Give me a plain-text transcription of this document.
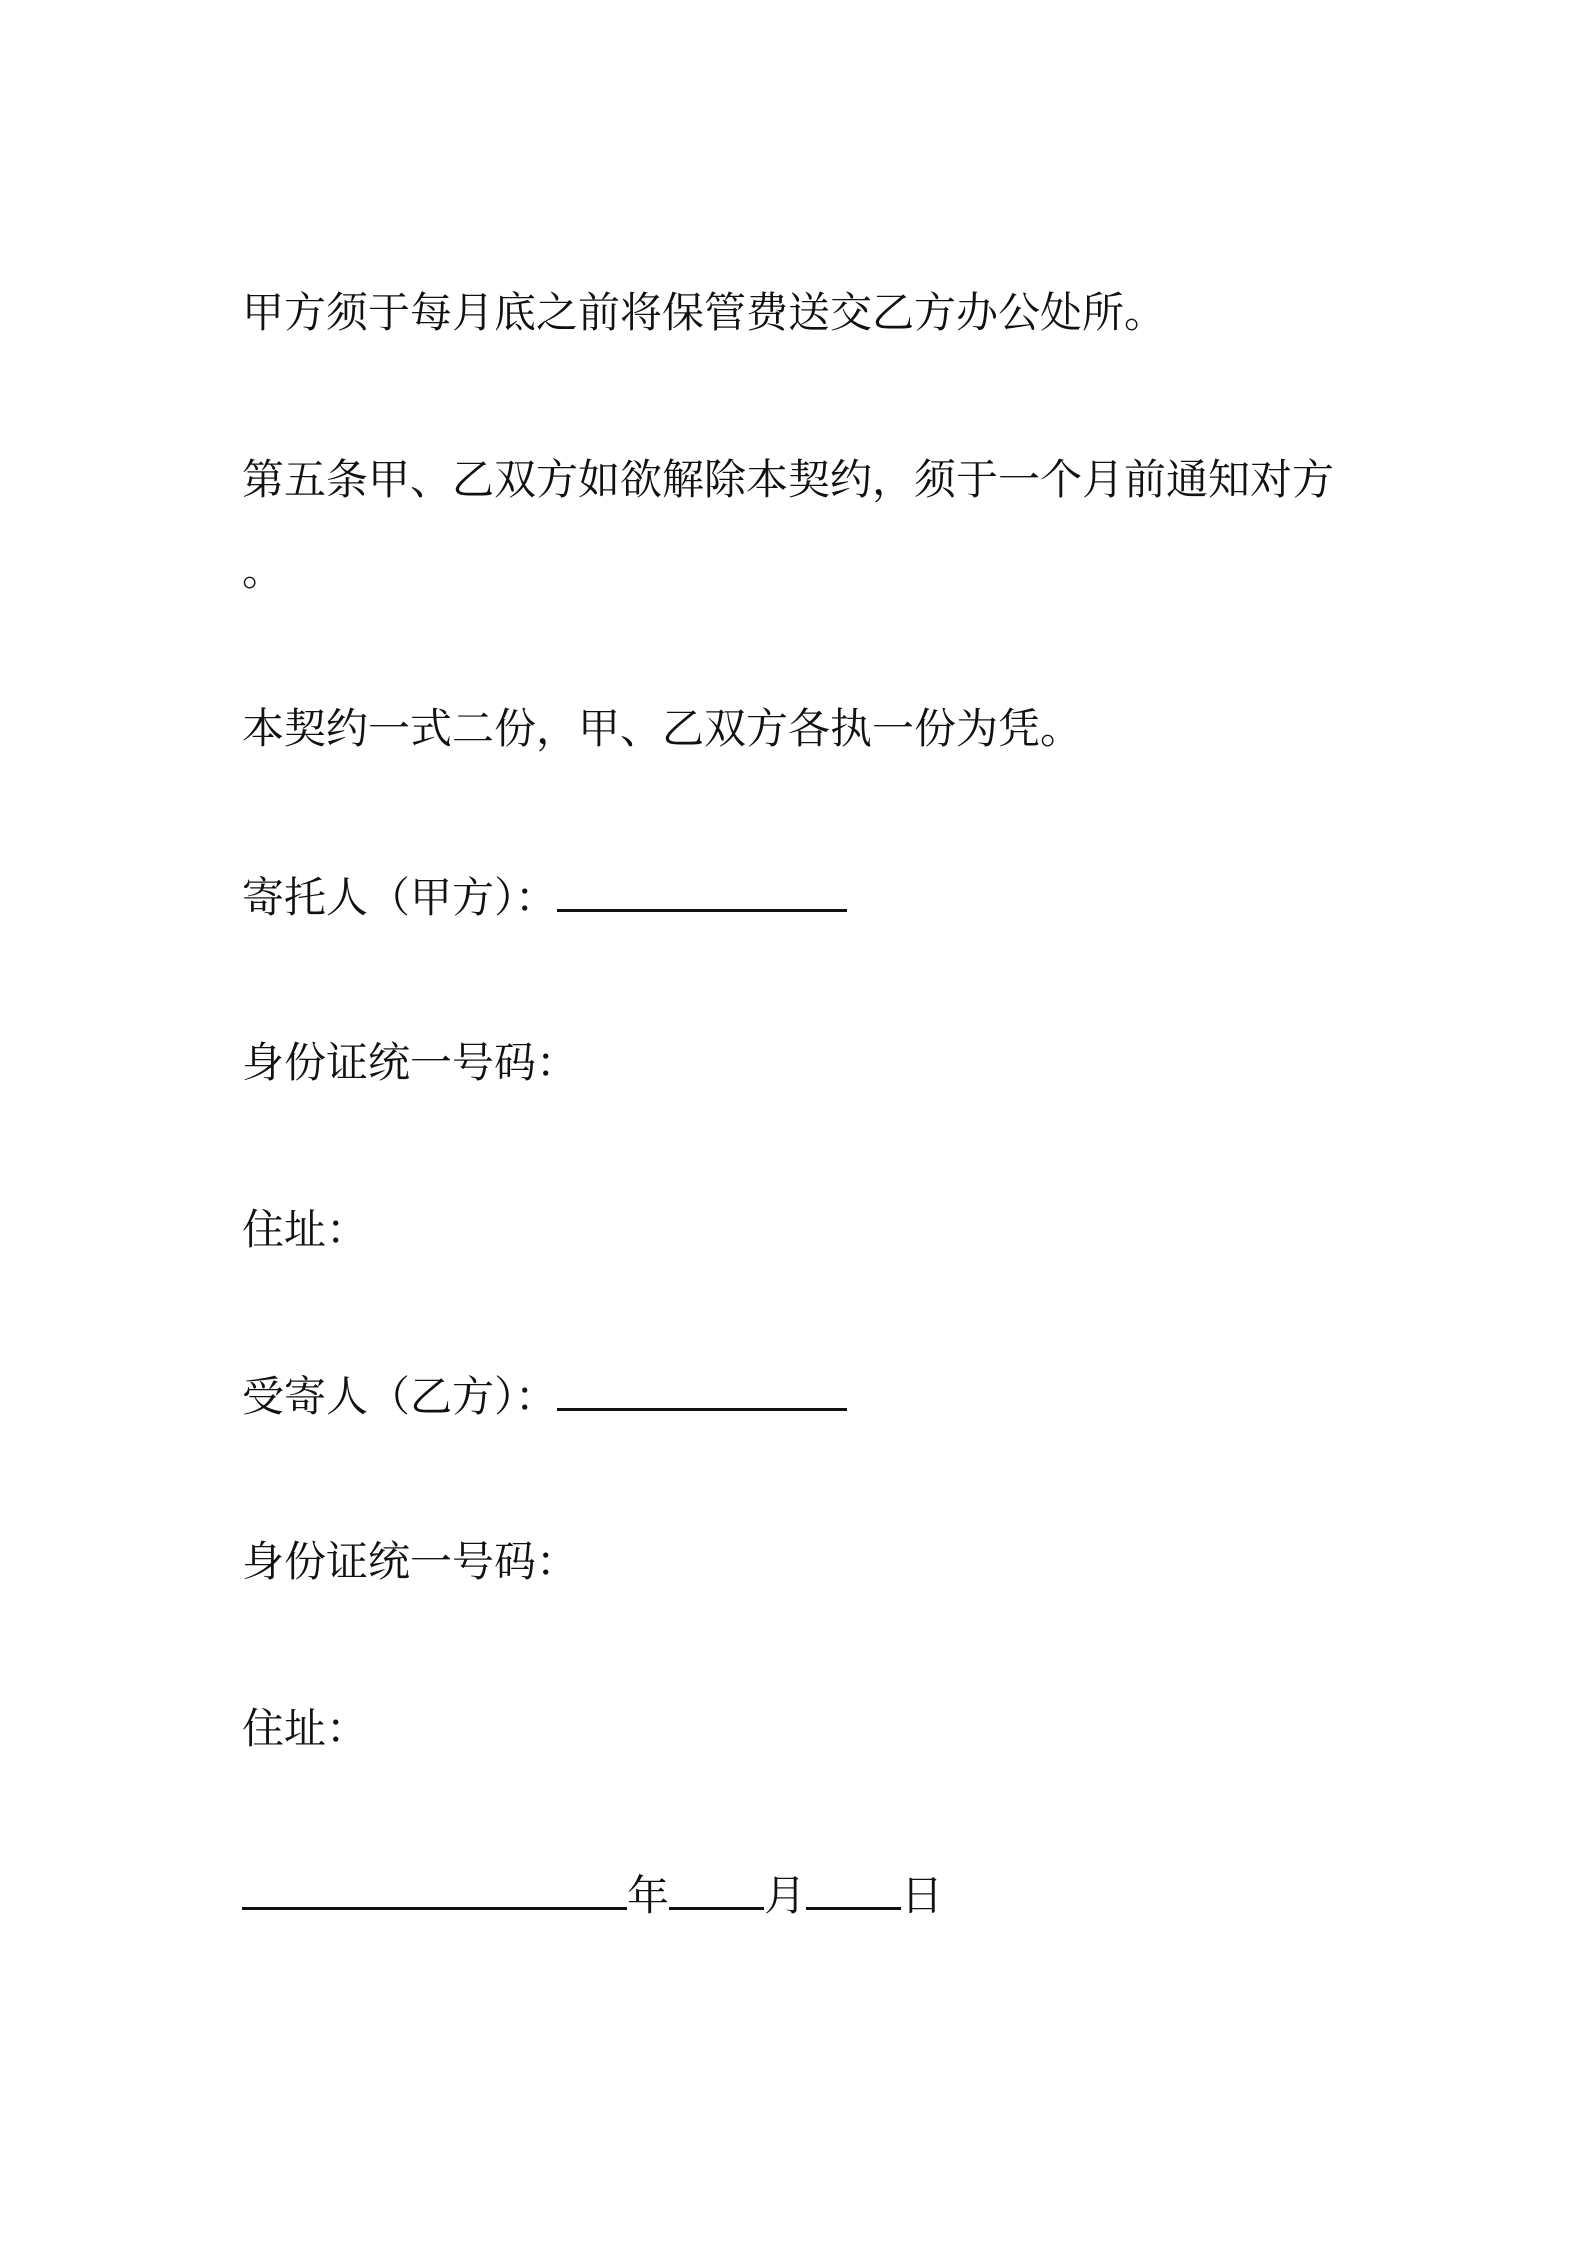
甲方须于每月底之前将保管费送交乙方办公处所。

第五条甲、乙双方如欲解除本契约，须于一个月前通知对方

。

本契约一式二份，甲、乙双方各执一份为凭。

寄托人（甲方）：

身份证统一号码：

住址：

受寄人（乙方）：

身份证统一号码：

住址：

年 月 日
